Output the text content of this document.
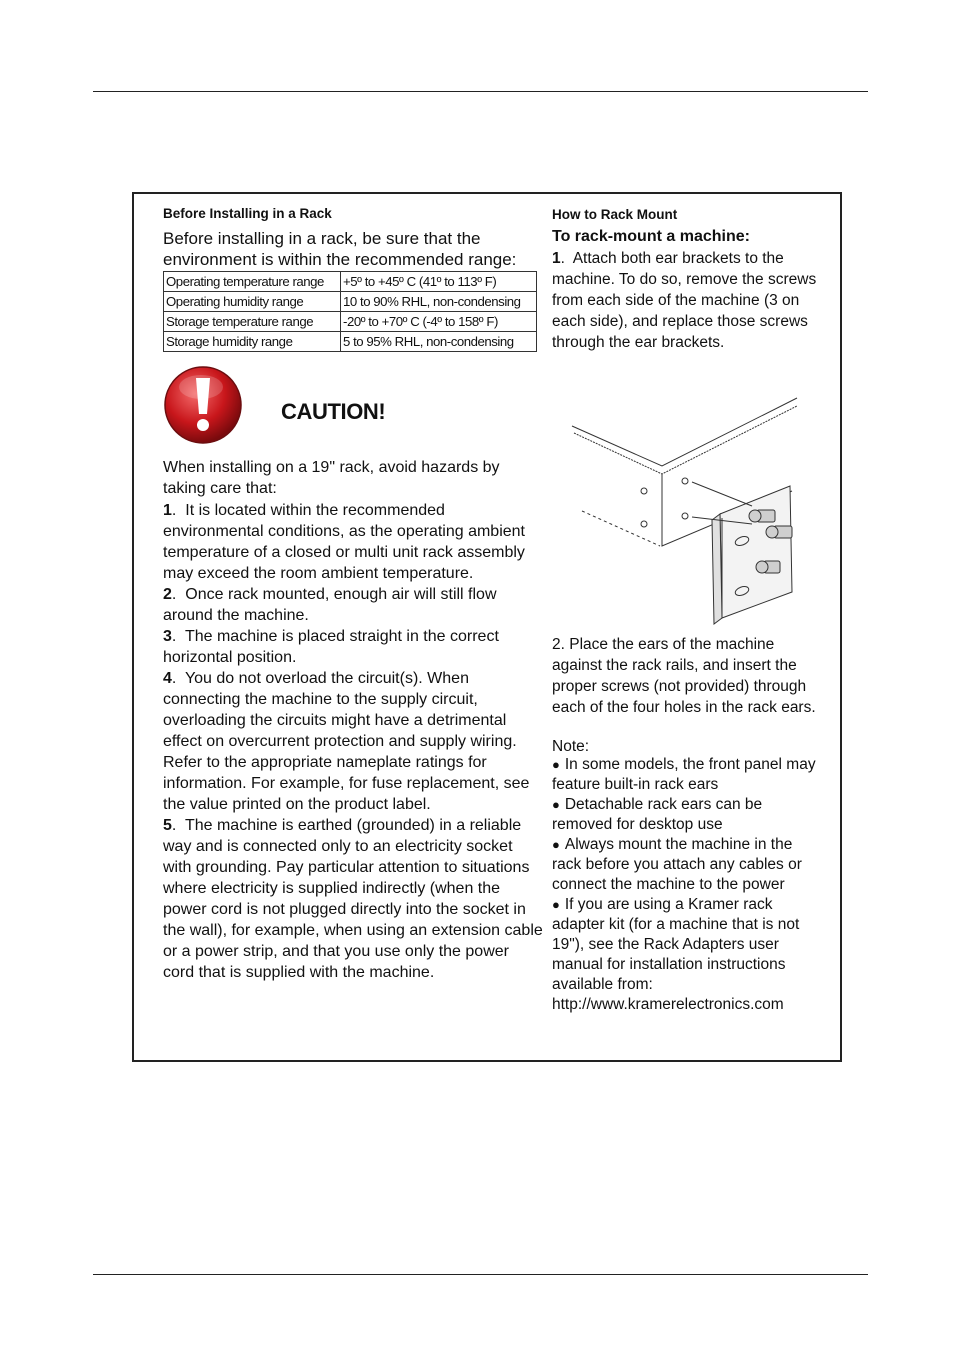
Before Installing in a Rack

Before installing in a rack, be sure that the environment is within the recommended range:

Operating temperature range	+5º to +45º C (41º to 113º F)
Operating humidity range	10 to 90% RHL, non-condensing
Storage temperature range	-20º to +70º C (-4º to 158º F)
Storage humidity range	5 to 95% RHL, non-condensing
CAUTION!

When installing on a 19" rack, avoid hazards by taking care that:

1.  It is located within the recommended environmental conditions, as the operating ambient temperature of a closed or multi unit rack assembly may exceed the room ambient temperature.

2.  Once rack mounted, enough air will still flow around the machine.

3.  The machine is placed straight in the correct horizontal position.

4.  You do not overload the circuit(s). When connecting the machine to the supply circuit, overloading the circuits might have a detrimental effect on overcurrent protection and supply wiring. Refer to the appropriate nameplate ratings for information. For example, for fuse replacement, see the value printed on the product label.

5.  The machine is earthed (grounded) in a reliable way and is connected only to an electricity socket with grounding. Pay particular attention to situations where electricity is supplied indirectly (when the power cord is not plugged directly into the socket in the wall), for example, when using an extension cable or a power strip, and that you use only the power cord that is supplied with the machine.

How to Rack Mount
To rack-mount a machine:

1.  Attach both ear brackets to the machine. To do so, remove the screws from each side of the machine (3 on each side), and replace those screws through the ear brackets.

2. Place the ears of the machine against the rack rails, and insert the proper screws (not provided) through each of the four holes in the rack ears.

Note:

● In some models, the front panel may feature built-in rack ears

● Detachable rack ears can be removed for desktop use

● Always mount the machine in the rack before you attach any cables or connect the machine to the power

● If you are using a Kramer rack adapter kit (for a machine that is not 19"), see the Rack Adapters user manual for installation instructions available from:
http://www.kramerelectronics.com
